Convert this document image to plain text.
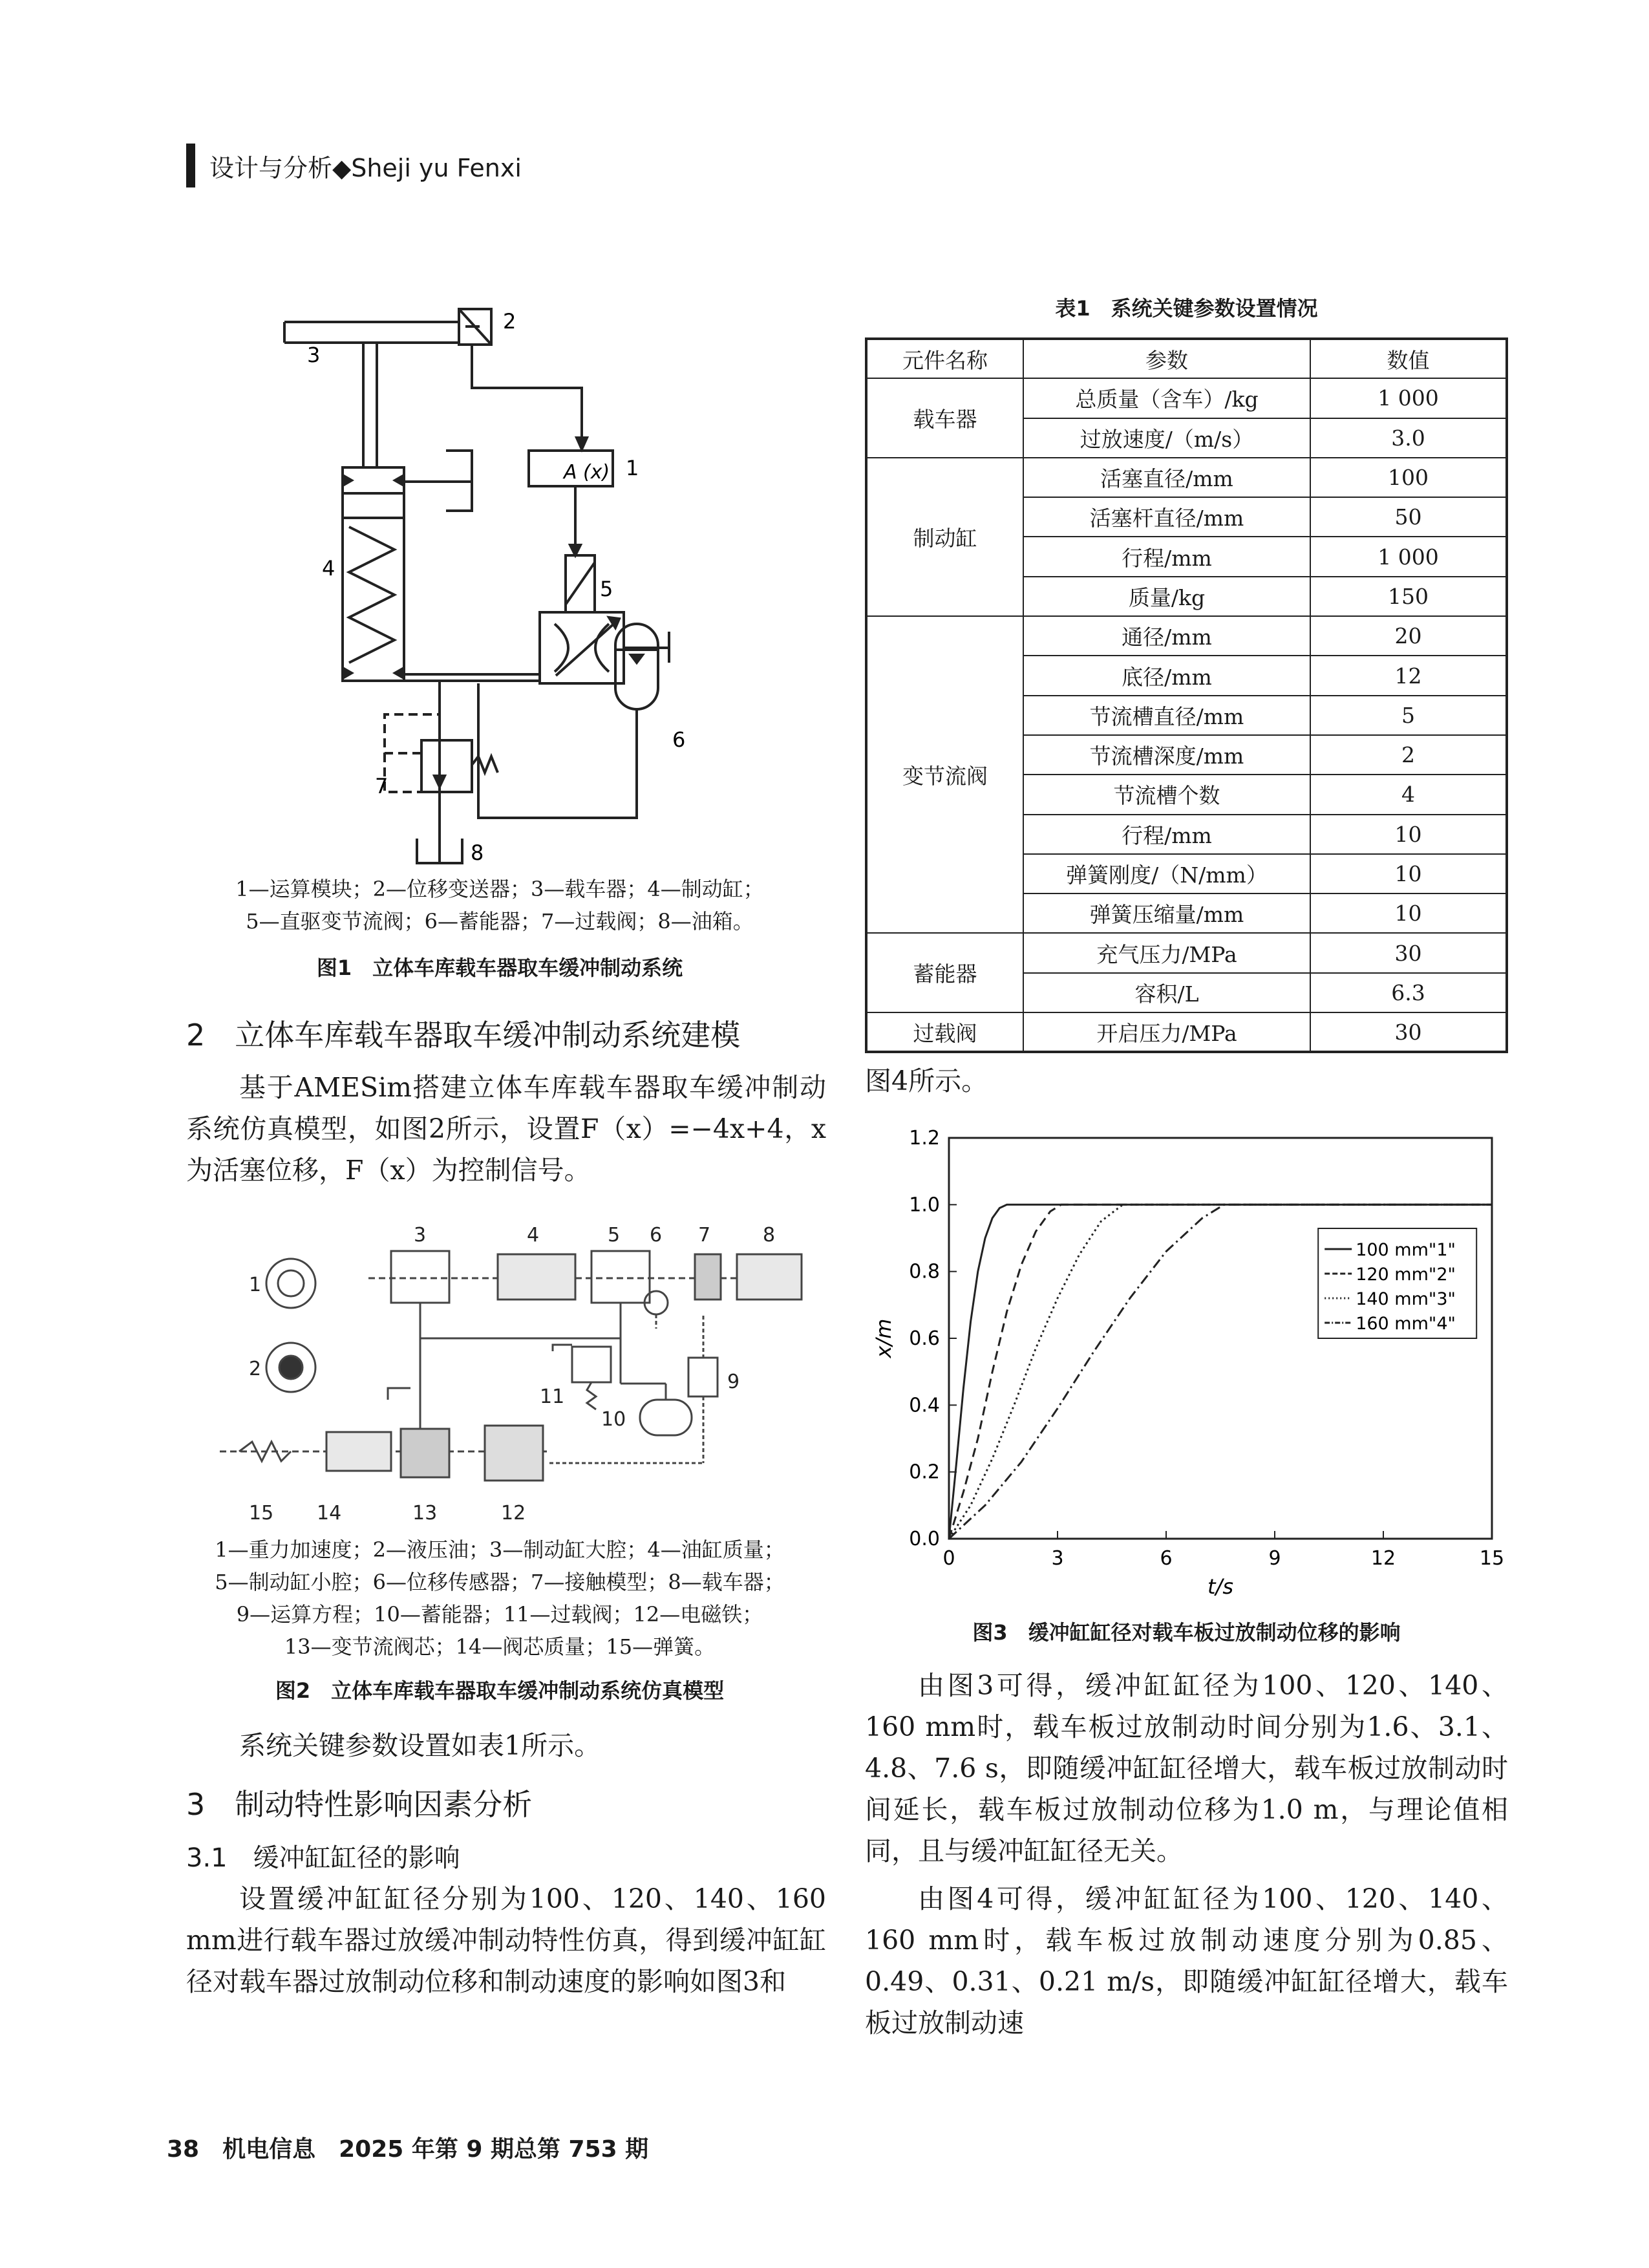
设计与分析◆Sheji yu Fenxi
A (x)
2
3
1
4
5
6
7
8
1—运算模块；2—位移变送器；3—载车器；4—制动缸；
5—直驱变节流阀；6—蓄能器；7—过载阀；8—油箱。
图1　立体车库载车器取车缓冲制动系统
2　立体车库载车器取车缓冲制动系统建模

基于AMESim搭建立体车库载车器取车缓冲制动系统仿真模型，如图2所示，设置F（x）=−4x+4，x为活塞位移，F（x）为控制信号。

1
2
3	4	5 6 7	8
9
10
11
12
13
14
15
1—重力加速度；2—液压油；3—制动缸大腔；4—油缸质量；
5—制动缸小腔；6—位移传感器；7—接触模型；8—载车器；
9—运算方程；10—蓄能器；11—过载阀；12—电磁铁；
13—变节流阀芯；14—阀芯质量；15—弹簧。
图2　立体车库载车器取车缓冲制动系统仿真模型

系统关键参数设置如表1所示。

3　制动特性影响因素分析
3.1　缓冲缸缸径的影响

设置缓冲缸缸径分别为100、120、140、160 mm进行载车器过放缓冲制动特性仿真，得到缓冲缸缸径对载车器过放制动位移和制动速度的影响如图3和

表1　系统关键参数设置情况
元件名称	参数	数值
载车器	总质量（含车）/kg	1 000
	过放速度/（m/s）	3.0
制动缸	活塞直径/mm	100
	活塞杆直径/mm	50
	行程/mm	1 000
	质量/kg	150
变节流阀	通径/mm	20
	底径/mm	12
	节流槽直径/mm	5
	节流槽深度/mm	2
	节流槽个数	4
	行程/mm	10
	弹簧刚度/（N/mm）	10
	弹簧压缩量/mm	10
蓄能器	充气压力/MPa	30
	容积/L	6.3
过载阀	开启压力/MPa	30

图4所示。

0	3	6	9	12	15
0.0
0.2
0.4
0.6
0.8
1.0
1.2
t/s
x/m
100 mm"1"
120 mm"2"
140 mm"3"
160 mm"4"
图3　缓冲缸缸径对载车板过放制动位移的影响

由图3可得，缓冲缸缸径为100、120、140、160 mm时，载车板过放制动时间分别为1.6、3.1、4.8、7.6 s，即随缓冲缸缸径增大，载车板过放制动时间延长，载车板过放制动位移为1.0 m，与理论值相同，且与缓冲缸缸径无关。

由图4可得，缓冲缸缸径为100、120、140、160 mm时，载车板过放制动速度分别为0.85、0.49、0.31、0.21 m/s，即随缓冲缸缸径增大，载车板过放制动速

38　机电信息　2025 年第 9 期总第 753 期
